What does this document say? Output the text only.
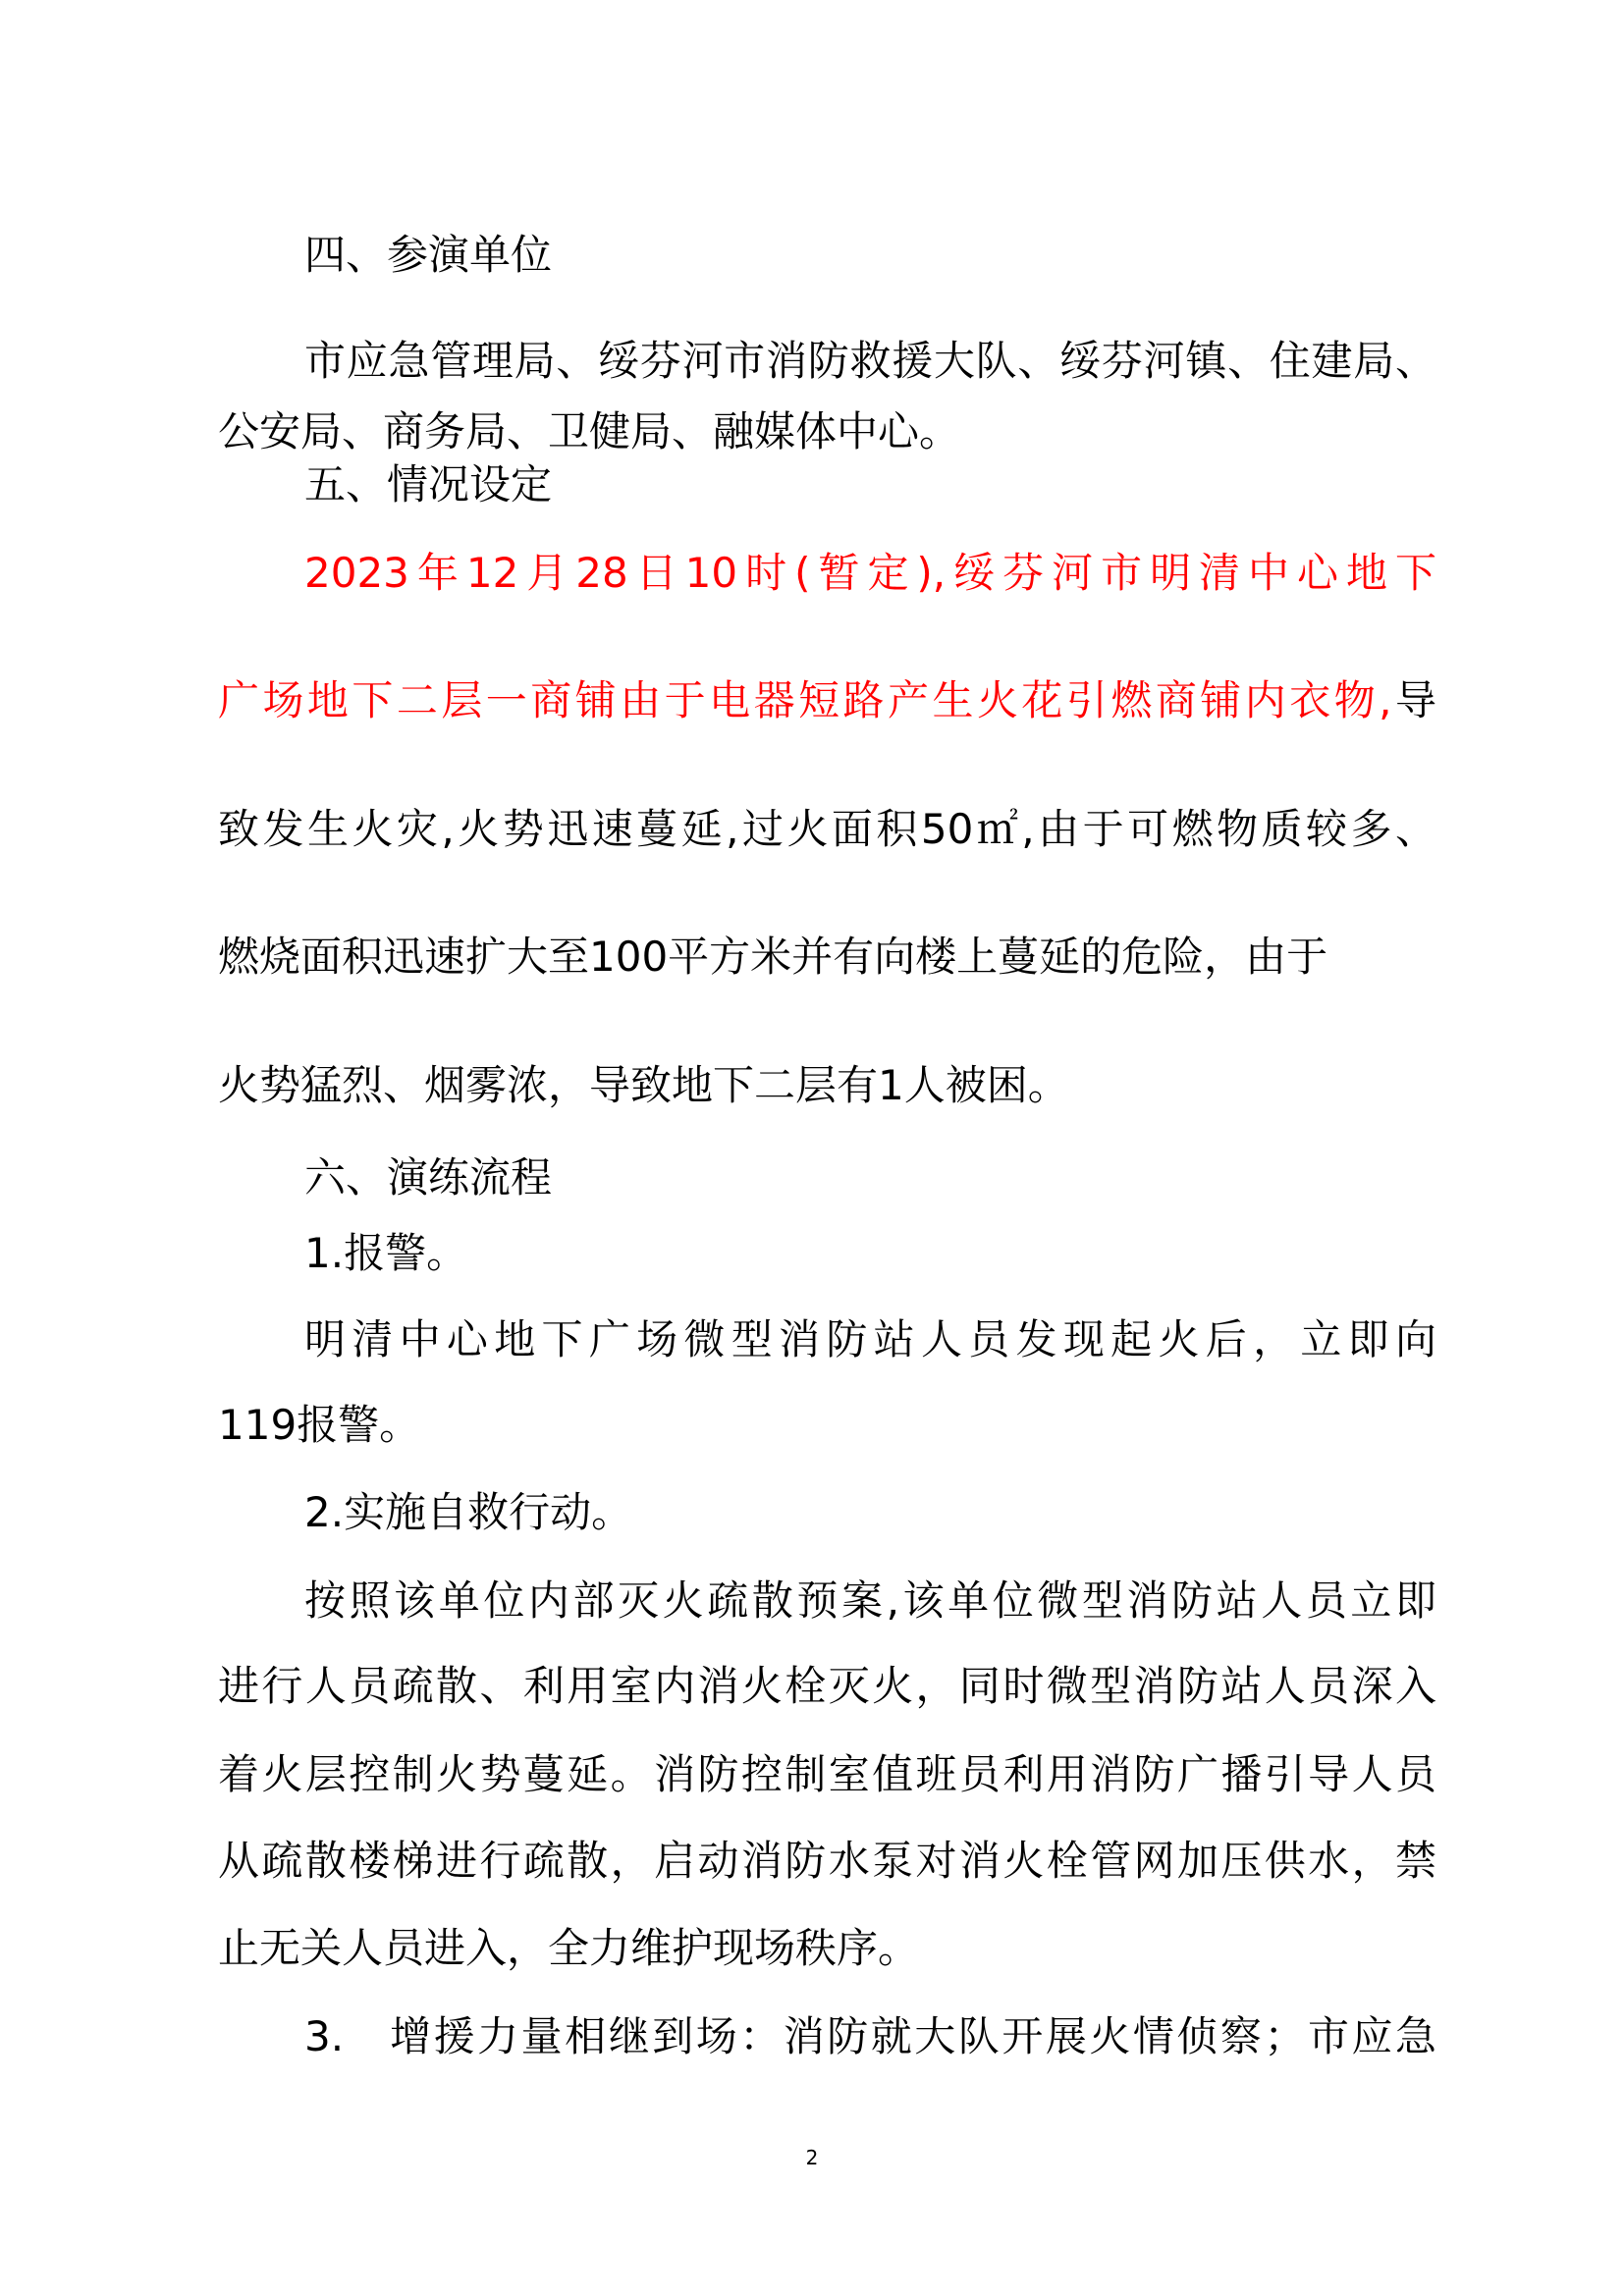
四、参演单位
市应急管理局、绥芬河市消防救援大队、绥芬河镇、住建局、
公安局、商务局、卫健局、融媒体中心。
五、情况设定
2023年12月28日10时(暂定),绥芬河市明清中心地下
广场地下二层一商铺由于电器短路产生火花引燃商铺内衣物,导
致发生火灾,火势迅速蔓延,过火面积50㎡,由于可燃物质较多、
燃烧面积迅速扩大至100平方米并有向楼上蔓延的危险，由于
火势猛烈、烟雾浓，导致地下二层有1人被困。
六、演练流程
1.报警。
明清中心地下广场微型消防站人员发现起火后，立即向
119报警。
2.实施自救行动。
按照该单位内部灭火疏散预案,该单位微型消防站人员立即
进行人员疏散、利用室内消火栓灭火，同时微型消防站人员深入
着火层控制火势蔓延。消防控制室值班员利用消防广播引导人员
从疏散楼梯进行疏散，启动消防水泵对消火栓管网加压供水，禁
止无关人员进入，全力维护现场秩序。
3.　增援力量相继到场：消防就大队开展火情侦察；市应急
2
